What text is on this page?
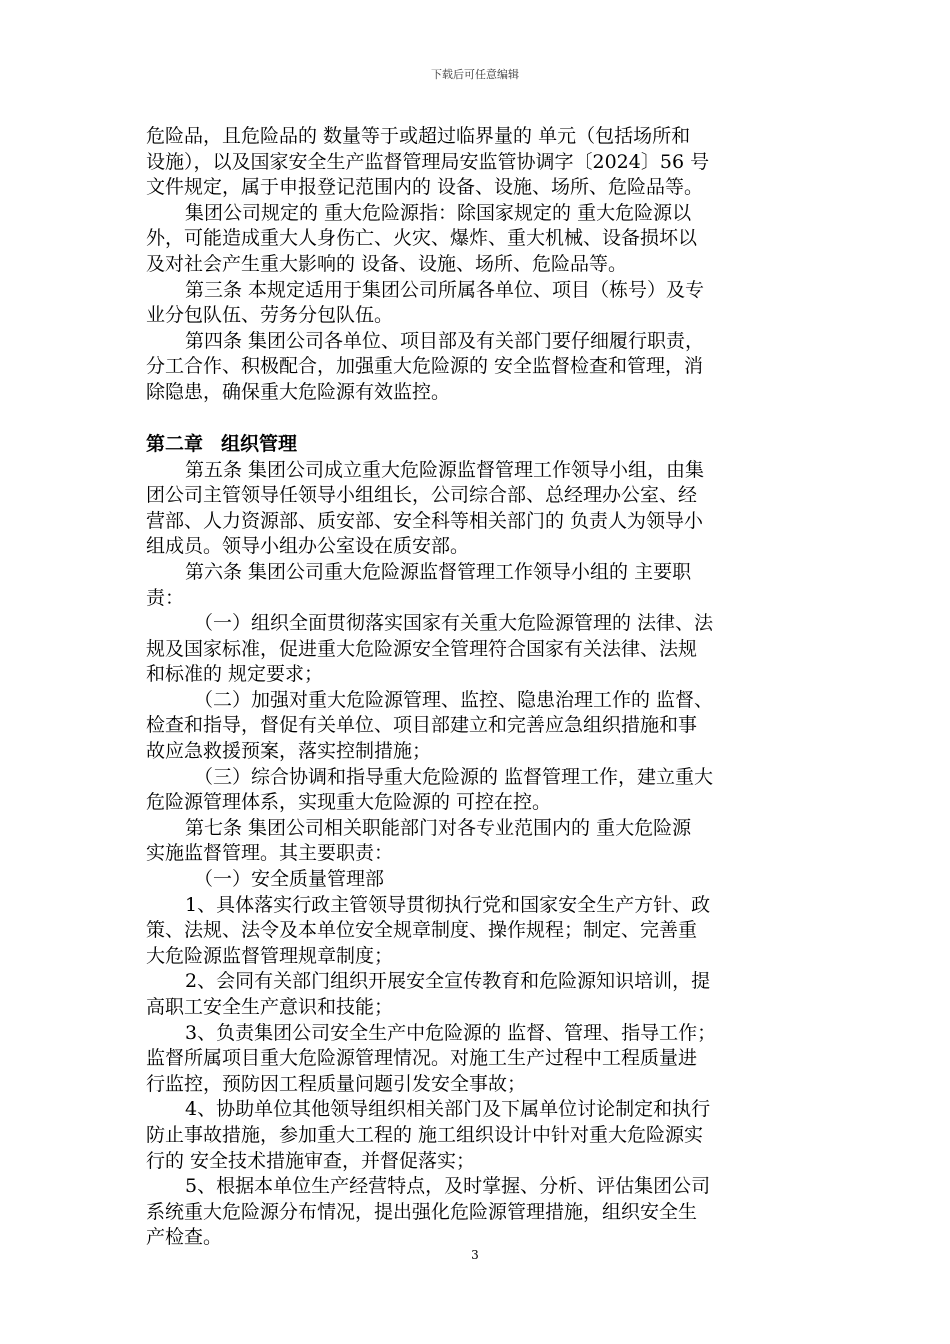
下载后可任意编辑
危险品，且危险品的 数量等于或超过临界量的 单元（包括场所和
设施），以及国家安全生产监督管理局安监管协调字〔2024〕56 号
文件规定，属于申报登记范围内的 设备、设施、场所、危险品等。
集团公司规定的 重大危险源指：除国家规定的 重大危险源以
外，可能造成重大人身伤亡、火灾、爆炸、重大机械、设备损坏以
及对社会产生重大影响的 设备、设施、场所、危险品等。
第三条 本规定适用于集团公司所属各单位、项目（栋号）及专
业分包队伍、劳务分包队伍。
第四条 集团公司各单位、项目部及有关部门要仔细履行职责，
分工合作、积极配合，加强重大危险源的 安全监督检查和管理，消
除隐患，确保重大危险源有效监控。
第二章 组织管理
第五条 集团公司成立重大危险源监督管理工作领导小组，由集
团公司主管领导任领导小组组长，公司综合部、总经理办公室、经
营部、人力资源部、质安部、安全科等相关部门的 负责人为领导小
组成员。领导小组办公室设在质安部。
第六条 集团公司重大危险源监督管理工作领导小组的 主要职
责：
（一）组织全面贯彻落实国家有关重大危险源管理的 法律、法
规及国家标准，促进重大危险源安全管理符合国家有关法律、法规
和标准的 规定要求；
（二）加强对重大危险源管理、监控、隐患治理工作的 监督、
检查和指导，督促有关单位、项目部建立和完善应急组织措施和事
故应急救援预案，落实控制措施；
（三）综合协调和指导重大危险源的 监督管理工作，建立重大
危险源管理体系，实现重大危险源的 可控在控。
第七条 集团公司相关职能部门对各专业范围内的 重大危险源
实施监督管理。其主要职责：
（一）安全质量管理部
1、具体落实行政主管领导贯彻执行党和国家安全生产方针、政
策、法规、法令及本单位安全规章制度、操作规程；制定、完善重
大危险源监督管理规章制度；
2、会同有关部门组织开展安全宣传教育和危险源知识培训，提
高职工安全生产意识和技能；
3、负责集团公司安全生产中危险源的 监督、管理、指导工作；
监督所属项目重大危险源管理情况。对施工生产过程中工程质量进
行监控，预防因工程质量问题引发安全事故；
4、协助单位其他领导组织相关部门及下属单位讨论制定和执行
防止事故措施，参加重大工程的 施工组织设计中针对重大危险源实
行的 安全技术措施审查，并督促落实；
5、根据本单位生产经营特点，及时掌握、分析、评估集团公司
系统重大危险源分布情况，提出强化危险源管理措施，组织安全生
产检查。
3
